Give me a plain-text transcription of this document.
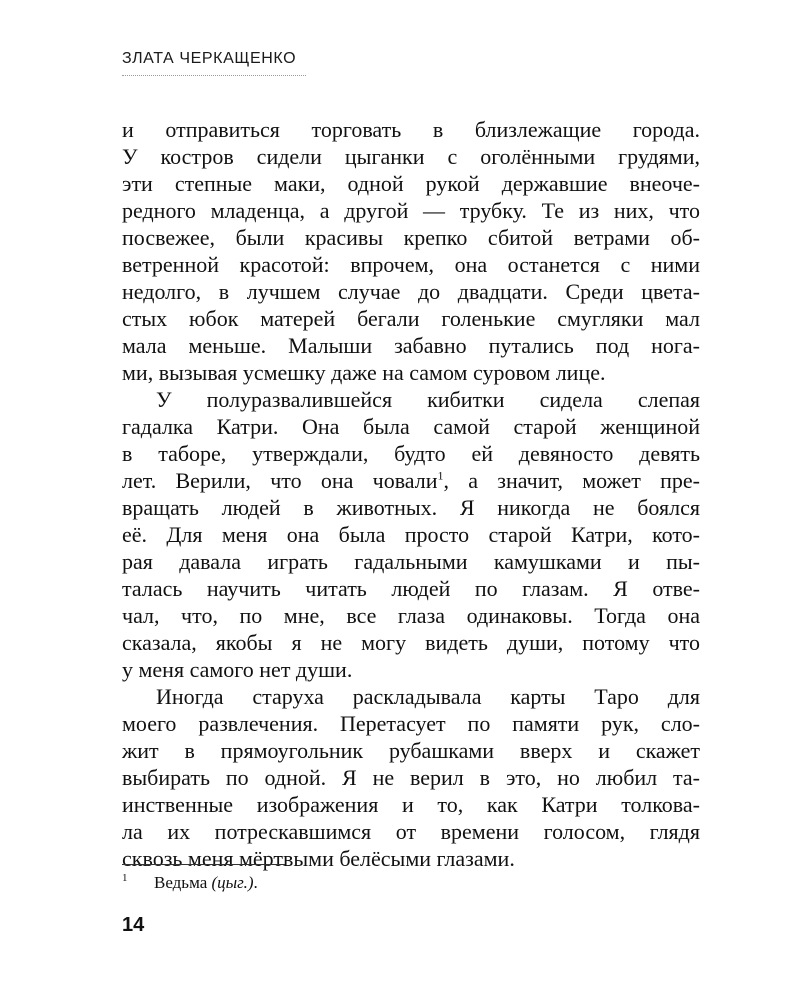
ЗЛАТА ЧЕРКАЩЕНКО
и отправиться торговать в близлежащие города.
У костров сидели цыганки с оголёнными грудями,
эти степные маки, одной рукой державшие внеоче-
редного младенца, а другой — трубку. Те из них, что
посвежее, были красивы крепко сбитой ветрами об-
ветренной красотой: впрочем, она останется с ними
недолго, в лучшем случае до двадцати. Среди цвета-
стых юбок матерей бегали голенькие смугляки мал
мала меньше. Малыши забавно путались под нога-
ми, вызывая усмешку даже на самом суровом лице.
У полуразвалившейся кибитки сидела слепая
гадалка Катри. Она была самой старой женщиной
в таборе, утверждали, будто ей девяносто девять
лет. Верили, что она човали$^1$, а значит, может пре-
вращать людей в животных. Я никогда не боялся
её. Для меня она была просто старой Катри, кото-
рая давала играть гадальными камушками и пы-
талась научить читать людей по глазам. Я отве-
чал, что, по мне, все глаза одинаковы. Тогда она
сказала, якобы я не могу видеть души, потому что
у меня самого нет души.
Иногда старуха раскладывала карты Таро для
моего развлечения. Перетасует по памяти рук, сло-
жит в прямоугольник рубашками вверх и скажет
выбирать по одной. Я не верил в это, но любил та-
инственные изображения и то, как Катри толкова-
ла их потрескавшимся от времени голосом, глядя
сквозь меня мёртвыми белёсыми глазами.
1 Ведьма (цыг.).
14
